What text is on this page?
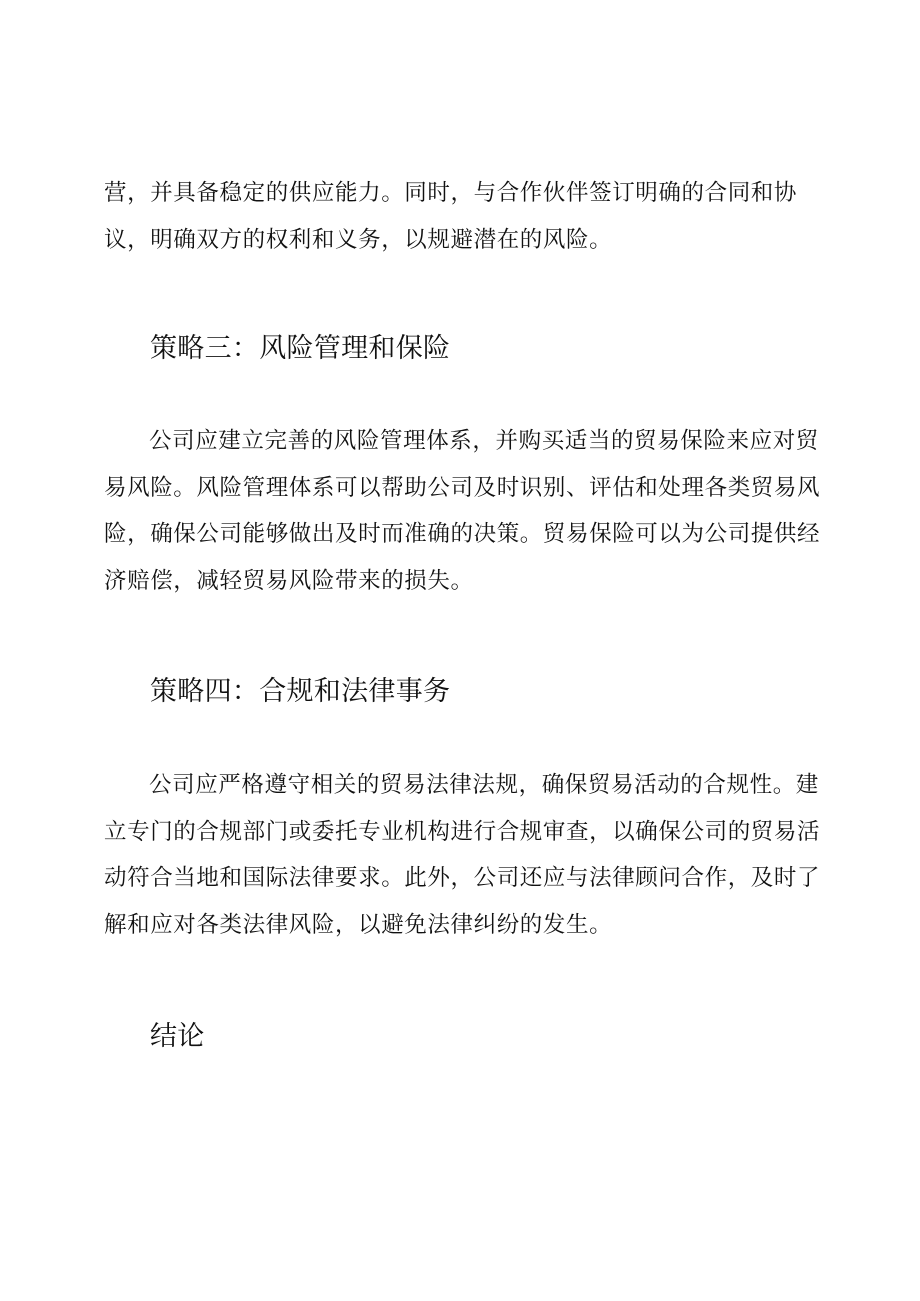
营，并具备稳定的供应能力。同时，与合作伙伴签订明确的合同和协
议，明确双方的权利和义务，以规避潜在的风险。

策略三：风险管理和保险

公司应建立完善的风险管理体系，并购买适当的贸易保险来应对贸
易风险。风险管理体系可以帮助公司及时识别、评估和处理各类贸易风
险，确保公司能够做出及时而准确的决策。贸易保险可以为公司提供经
济赔偿，减轻贸易风险带来的损失。

策略四：合规和法律事务

公司应严格遵守相关的贸易法律法规，确保贸易活动的合规性。建
立专门的合规部门或委托专业机构进行合规审查，以确保公司的贸易活
动符合当地和国际法律要求。此外，公司还应与法律顾问合作，及时了
解和应对各类法律风险，以避免法律纠纷的发生。

结论
